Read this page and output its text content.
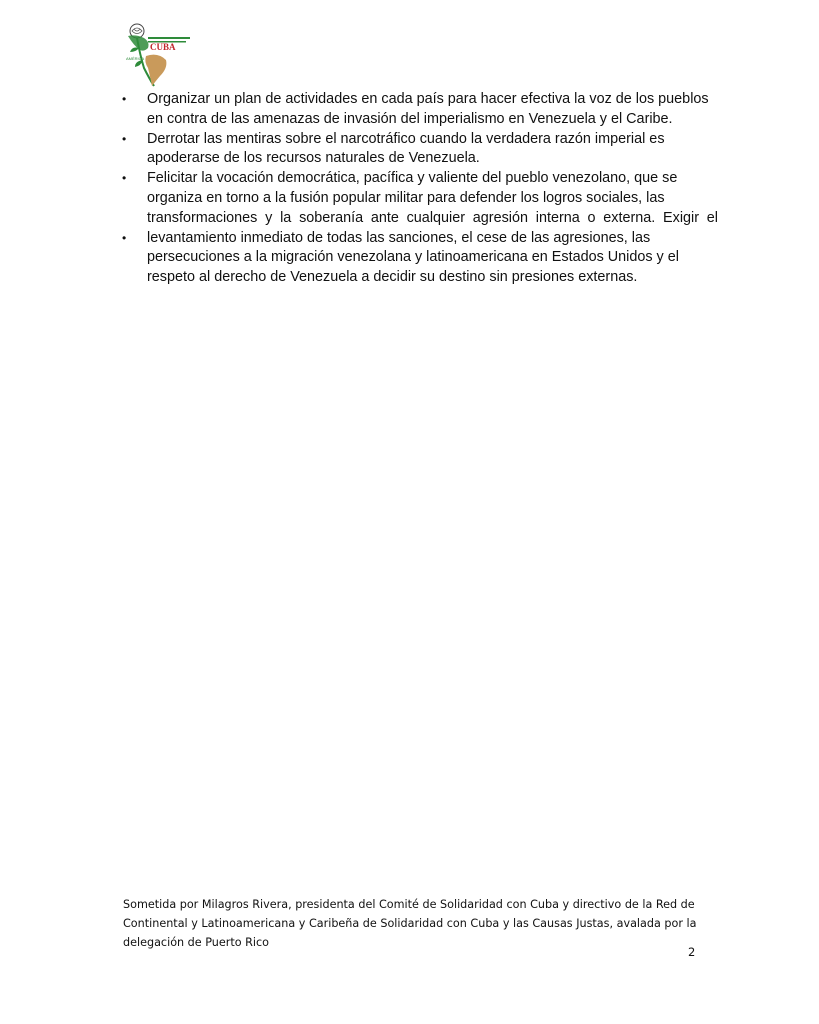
CUBA
AMÉRICA
• Organizar un plan de actividades en cada país para hacer efectiva la voz de los pueblos
en contra de las amenazas de invasión del imperialismo en Venezuela y el Caribe.
• Derrotar las mentiras sobre el narcotráfico cuando la verdadera razón imperial es
apoderarse de los recursos naturales de Venezuela.
• Felicitar la vocación democrática, pacífica y valiente del pueblo venezolano, que se
organiza en torno a la fusión popular militar para defender los logros sociales, las
transformaciones y la soberanía ante cualquier agresión interna o externa. Exigir el
• levantamiento inmediato de todas las sanciones, el cese de las agresiones, las
persecuciones a la migración venezolana y latinoamericana en Estados Unidos y el
respeto al derecho de Venezuela a decidir su destino sin presiones externas.
Sometida por Milagros Rivera, presidenta del Comité de Solidaridad con Cuba y directivo de la Red de
Continental y Latinoamericana y Caribeña de Solidaridad con Cuba y las Causas Justas, avalada por la
delegación de Puerto Rico
2
